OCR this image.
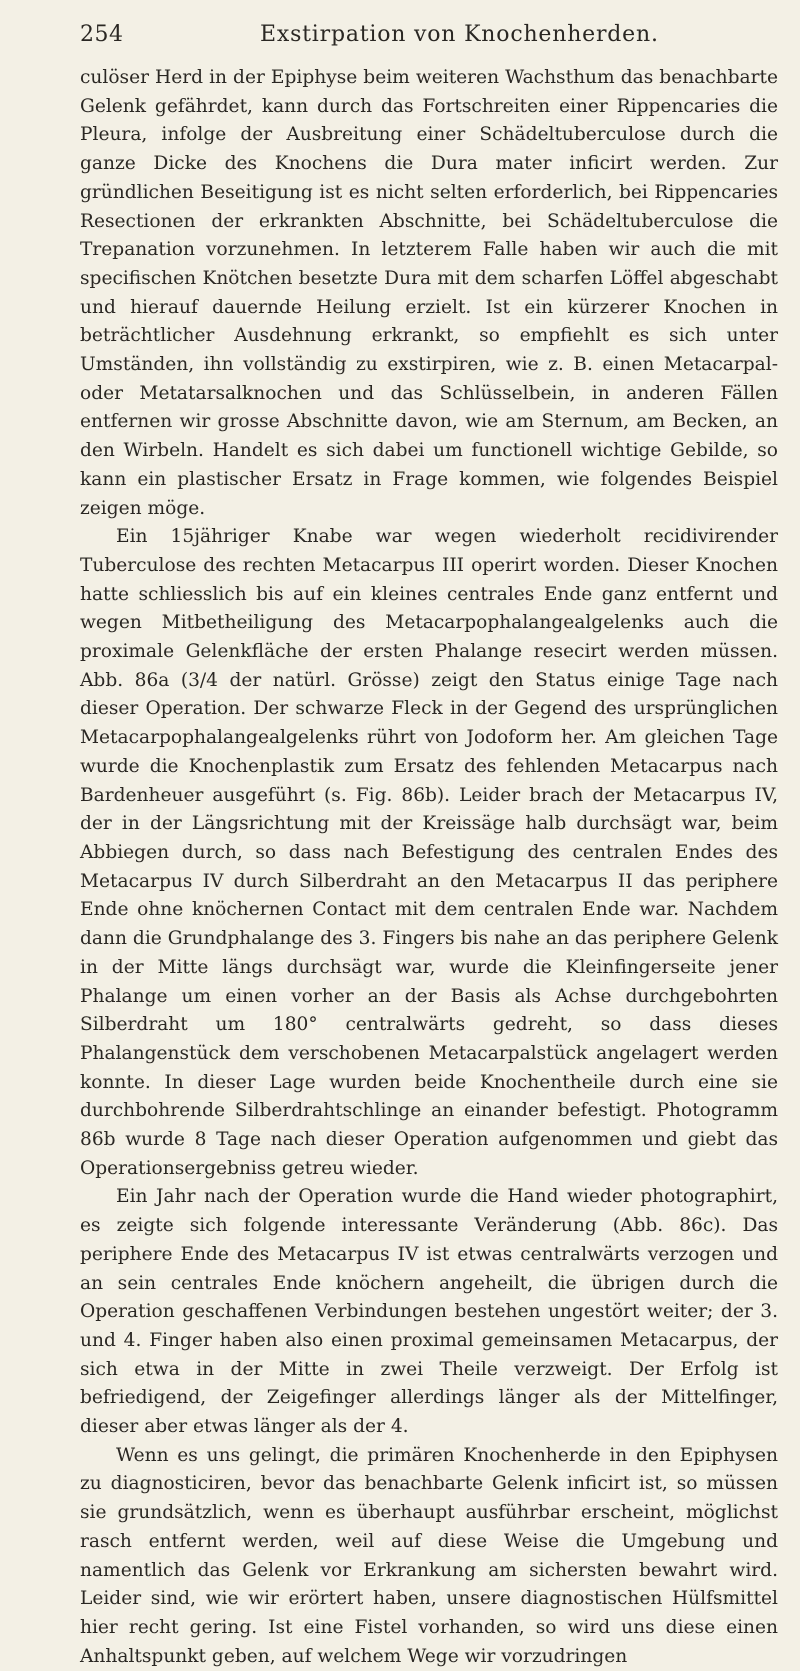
254	Exstirpation von Knochenherden.

culöser Herd in der Epiphyse beim weiteren Wachsthum das benachbarte Gelenk gefährdet, kann durch das Fortschreiten einer Rippencaries die Pleura, infolge der Ausbreitung einer Schädeltuberculose durch die ganze Dicke des Knochens die Dura mater inficirt werden. Zur gründlichen Beseitigung ist es nicht selten erforderlich, bei Rippencaries Resectionen der erkrankten Abschnitte, bei Schädeltuberculose die Trepanation vorzunehmen. In letzterem Falle haben wir auch die mit specifischen Knötchen besetzte Dura mit dem scharfen Löffel abgeschabt und hierauf dauernde Heilung erzielt. Ist ein kürzerer Knochen in beträchtlicher Ausdehnung erkrankt, so empfiehlt es sich unter Umständen, ihn vollständig zu exstirpiren, wie z. B. einen Metacarpal- oder Metatarsalknochen und das Schlüsselbein, in anderen Fällen entfernen wir grosse Abschnitte davon, wie am Sternum, am Becken, an den Wirbeln. Handelt es sich dabei um functionell wichtige Gebilde, so kann ein plastischer Ersatz in Frage kommen, wie folgendes Beispiel zeigen möge.

Ein 15jähriger Knabe war wegen wiederholt recidivirender Tuberculose des rechten Metacarpus III operirt worden. Dieser Knochen hatte schliesslich bis auf ein kleines centrales Ende ganz entfernt und wegen Mitbetheiligung des Metacarpophalangealgelenks auch die proximale Gelenkfläche der ersten Phalange resecirt werden müssen. Abb. 86a (3/4 der natürl. Grösse) zeigt den Status einige Tage nach dieser Operation. Der schwarze Fleck in der Gegend des ursprünglichen Metacarpophalangealgelenks rührt von Jodoform her. Am gleichen Tage wurde die Knochenplastik zum Ersatz des fehlenden Metacarpus nach Bardenheuer ausgeführt (s. Fig. 86b). Leider brach der Metacarpus IV, der in der Längsrichtung mit der Kreissäge halb durchsägt war, beim Abbiegen durch, so dass nach Befestigung des centralen Endes des Metacarpus IV durch Silberdraht an den Metacarpus II das periphere Ende ohne knöchernen Contact mit dem centralen Ende war. Nachdem dann die Grundphalange des 3. Fingers bis nahe an das periphere Gelenk in der Mitte längs durchsägt war, wurde die Kleinfingerseite jener Phalange um einen vorher an der Basis als Achse durchgebohrten Silberdraht um 180° centralwärts gedreht, so dass dieses Phalangenstück dem verschobenen Metacarpalstück angelagert werden konnte. In dieser Lage wurden beide Knochentheile durch eine sie durchbohrende Silberdrahtschlinge an einander befestigt. Photogramm 86b wurde 8 Tage nach dieser Operation aufgenommen und giebt das Operationsergebniss getreu wieder.

Ein Jahr nach der Operation wurde die Hand wieder photographirt, es zeigte sich folgende interessante Veränderung (Abb. 86c). Das periphere Ende des Metacarpus IV ist etwas centralwärts verzogen und an sein centrales Ende knöchern angeheilt, die übrigen durch die Operation geschaffenen Verbindungen bestehen ungestört weiter; der 3. und 4. Finger haben also einen proximal gemeinsamen Metacarpus, der sich etwa in der Mitte in zwei Theile verzweigt. Der Erfolg ist befriedigend, der Zeigefinger allerdings länger als der Mittelfinger, dieser aber etwas länger als der 4.

Wenn es uns gelingt, die primären Knochenherde in den Epiphysen zu diagnosticiren, bevor das benachbarte Gelenk inficirt ist, so müssen sie grundsätzlich, wenn es überhaupt ausführbar erscheint, möglichst rasch entfernt werden, weil auf diese Weise die Umgebung und namentlich das Gelenk vor Erkrankung am sichersten bewahrt wird. Leider sind, wie wir erörtert haben, unsere diagnostischen Hülfsmittel hier recht gering. Ist eine Fistel vorhanden, so wird uns diese einen Anhaltspunkt geben, auf welchem Wege wir vorzudringen
